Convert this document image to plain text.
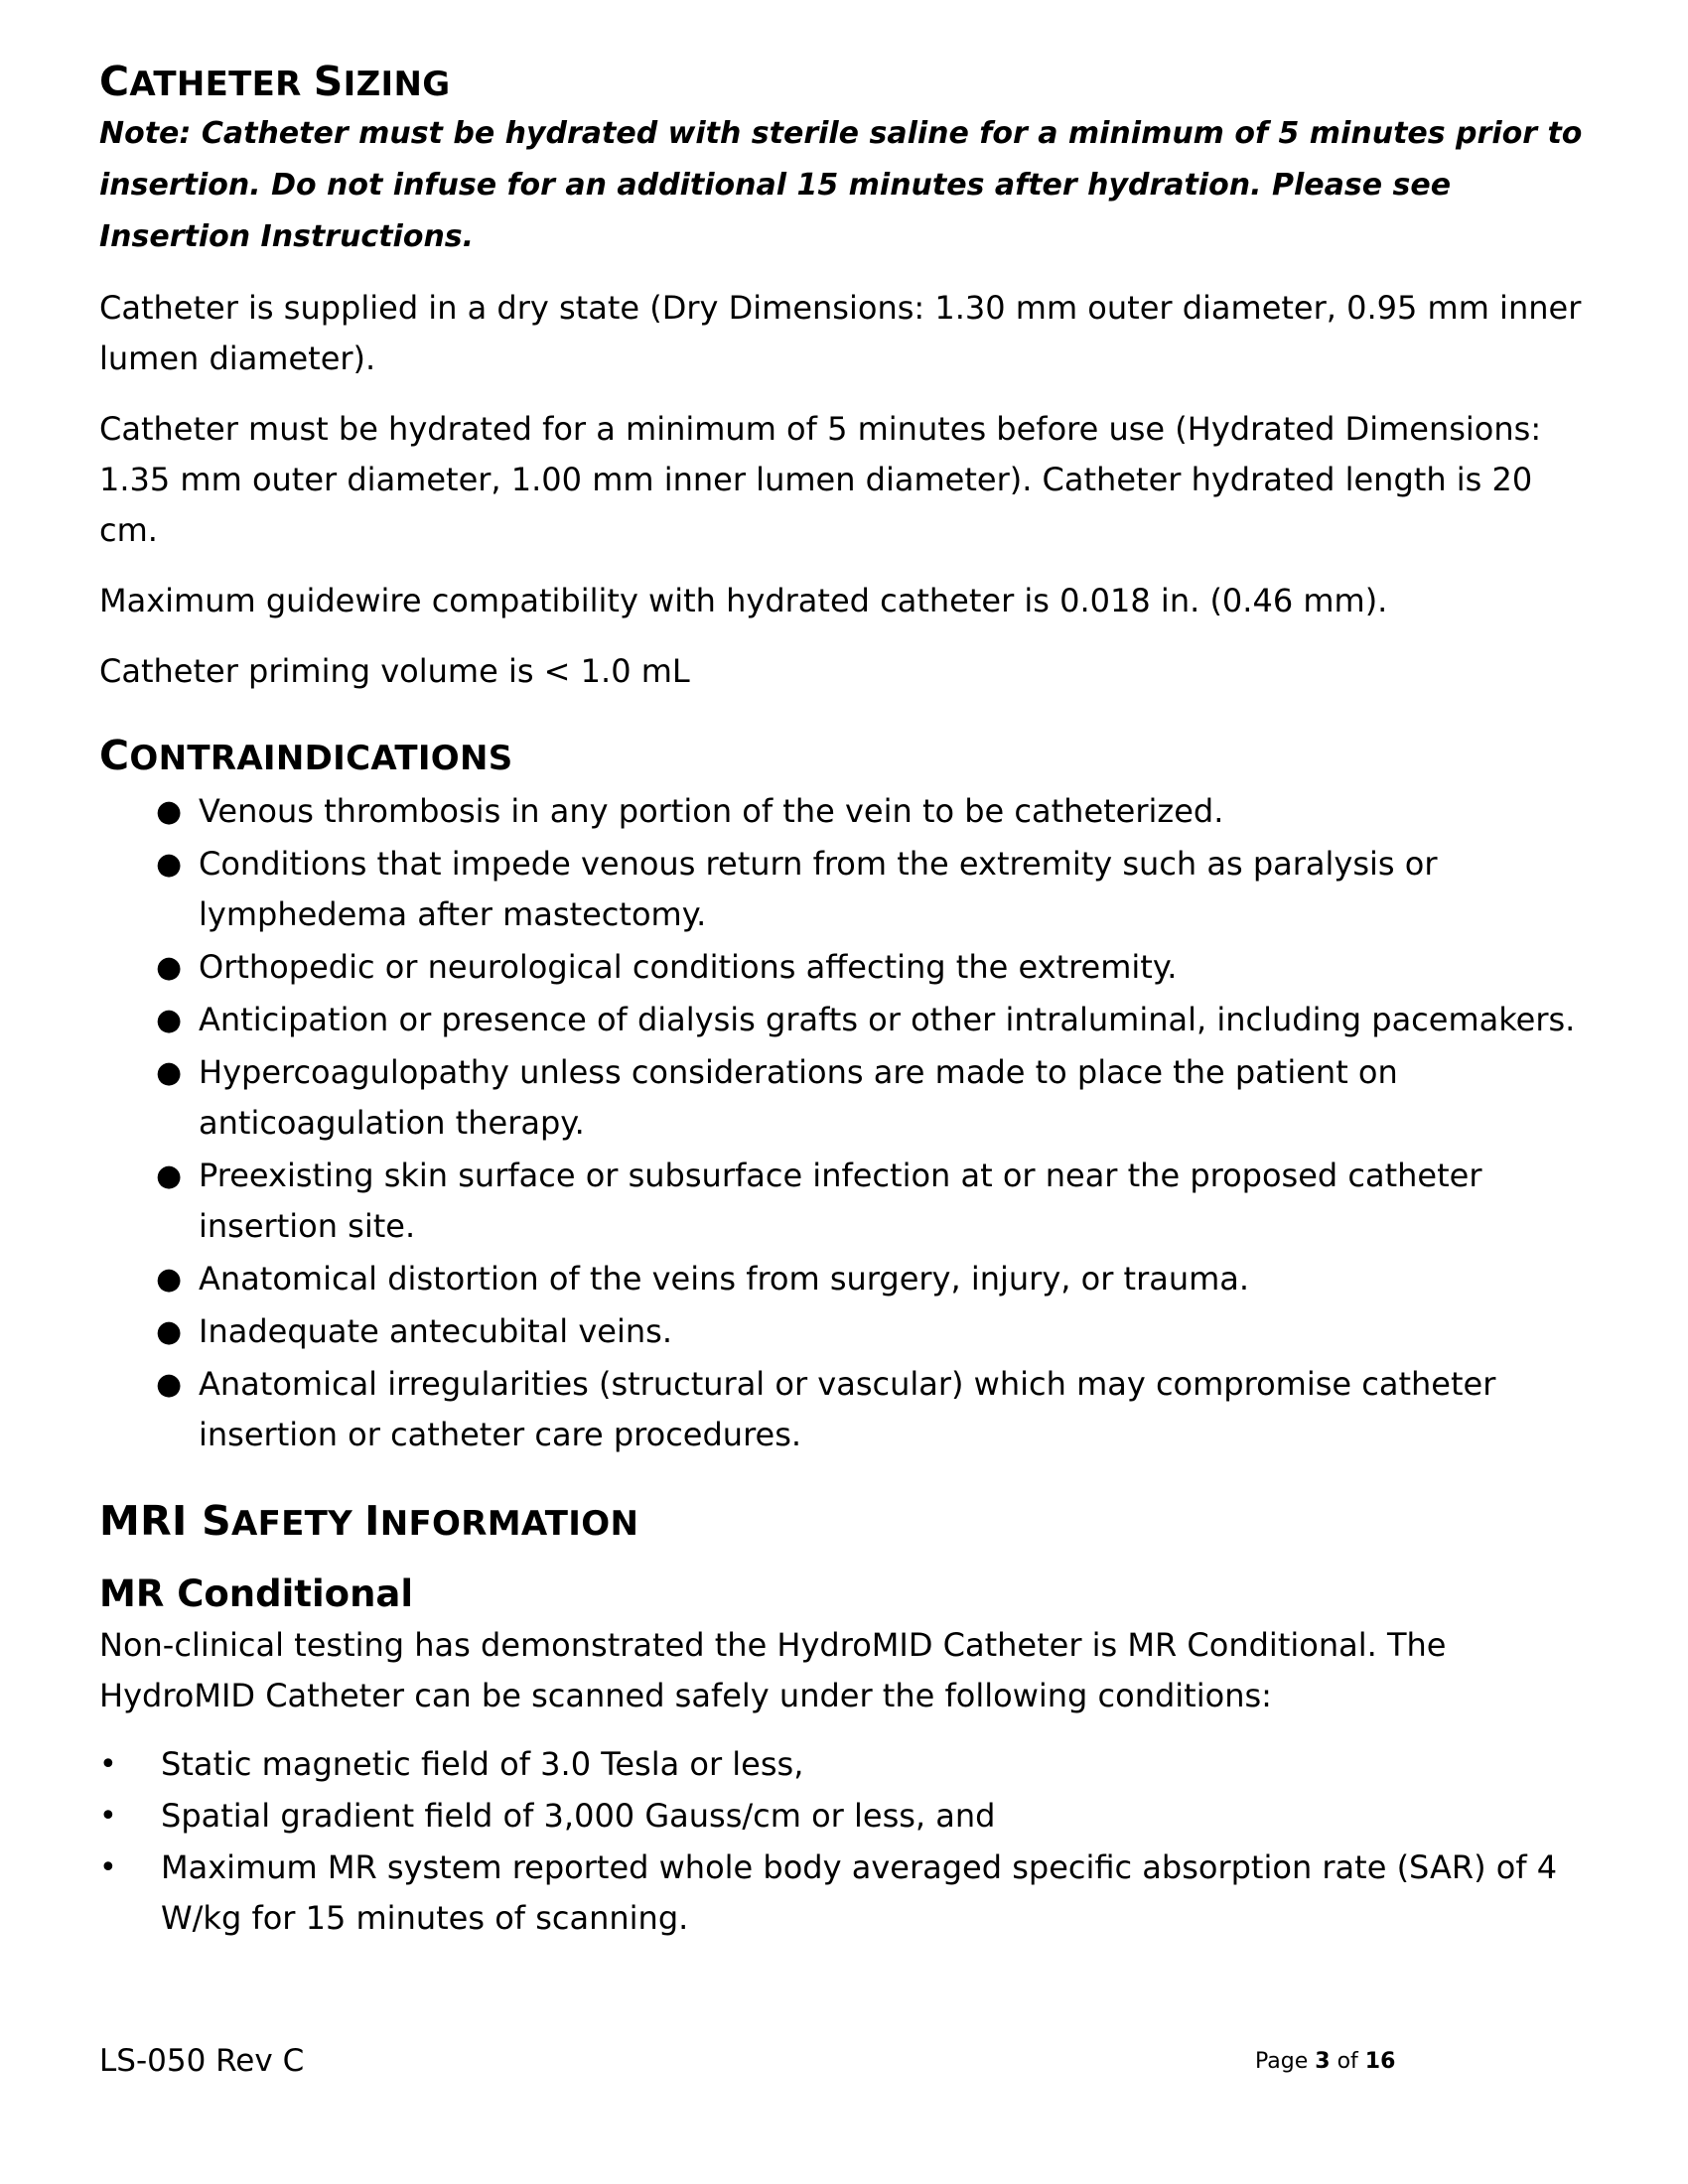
CATHETER SIZING

Note: Catheter must be hydrated with sterile saline for a minimum of 5 minutes prior to insertion. Do not infuse for an additional 15 minutes after hydration. Please see Insertion Instructions.

Catheter is supplied in a dry state (Dry Dimensions: 1.30 mm outer diameter, 0.95 mm inner lumen diameter).

Catheter must be hydrated for a minimum of 5 minutes before use (Hydrated Dimensions: 1.35 mm outer diameter, 1.00 mm inner lumen diameter). Catheter hydrated length is 20 cm.

Maximum guidewire compatibility with hydrated catheter is 0.018 in. (0.46 mm).

Catheter priming volume is < 1.0 mL

CONTRAINDICATIONS
● Venous thrombosis in any portion of the vein to be catheterized.
● Conditions that impede venous return from the extremity such as paralysis or lymphedema after mastectomy.
● Orthopedic or neurological conditions affecting the extremity.
● Anticipation or presence of dialysis grafts or other intraluminal, including pacemakers.
● Hypercoagulopathy unless considerations are made to place the patient on anticoagulation therapy.
● Preexisting skin surface or subsurface infection at or near the proposed catheter insertion site.
● Anatomical distortion of the veins from surgery, injury, or trauma.
● Inadequate antecubital veins.
● Anatomical irregularities (structural or vascular) which may compromise catheter insertion or catheter care procedures.
MRI SAFETY INFORMATION
MR Conditional

Non-clinical testing has demonstrated the HydroMID Catheter is MR Conditional. The HydroMID Catheter can be scanned safely under the following conditions:

• Static magnetic field of 3.0 Tesla or less,
• Spatial gradient field of 3,000 Gauss/cm or less, and
• Maximum MR system reported whole body averaged specific absorption rate (SAR) of 4 W/kg for 15 minutes of scanning.
LS-050 Rev C	Page 3 of 16
